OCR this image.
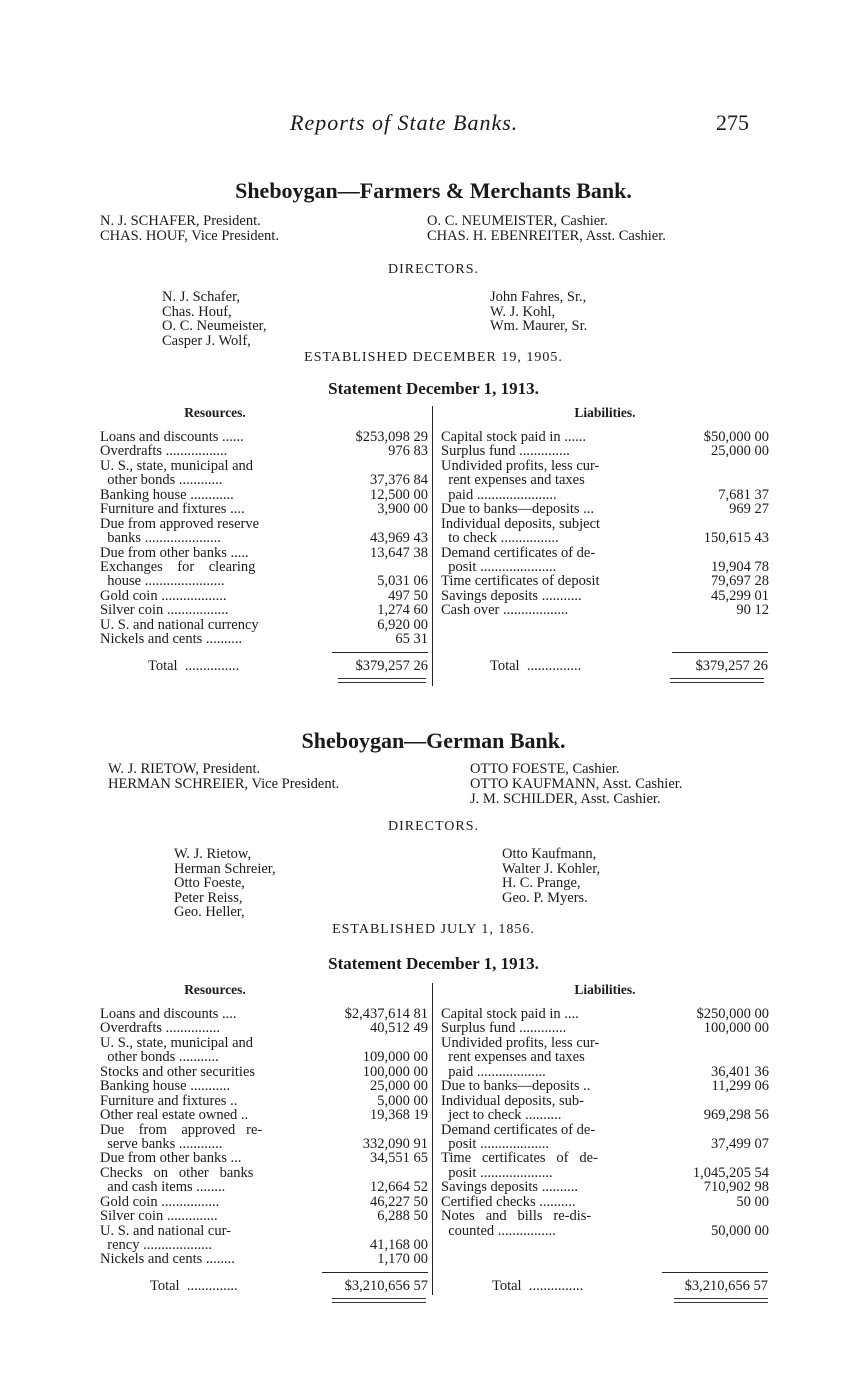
Reports of State Banks.	275
Sheboygan—Farmers & Merchants Bank.
N. J. SCHAFER, President.
CHAS. HOUF, Vice President.
O. C. NEUMEISTER, Cashier.
CHAS. H. EBENREITER, Asst. Cashier.
DIRECTORS.
N. J. Schafer,
Chas. Houf,
O. C. Neumeister,
Casper J. Wolf,
John Fahres, Sr.,
W. J. Kohl,
Wm. Maurer, Sr.
ESTABLISHED DECEMBER 19, 1905.
Statement December 1, 1913.
Resources.	Liabilities.
Loans and discounts ......	$253,098 29
Overdrafts .................	976 83
U. S., state, municipal and
other bonds ............	37,376 84
Banking house ............	12,500 00
Furniture and fixtures ....	3,900 00
Due from approved reserve
banks .....................	43,969 43
Due from other banks .....	13,647 38
Exchanges    for    clearing
house ......................	5,031 06
Gold coin ..................	497 50
Silver coin .................	1,274 60
U. S. and national currency	6,920 00
Nickels and cents ..........	65 31
Capital stock paid in ......	$50,000 00
Surplus fund ..............	25,000 00
Undivided profits, less cur-
rent expenses and taxes
paid ......................	7,681 37
Due to banks—deposits ...	969 27
Individual deposits, subject
to check ................	150,615 43
Demand certificates of de-
posit .....................	19,904 78
Time certificates of deposit	79,697 28
Savings deposits ...........	45,299 01
Cash over ..................	90 12
Total  ...............	$379,257 26	Total  ...............	$379,257 26
Sheboygan—German Bank.
W. J. RIETOW, President.
HERMAN SCHREIER, Vice President.
OTTO FOESTE, Cashier.
OTTO KAUFMANN, Asst. Cashier.
J. M. SCHILDER, Asst. Cashier.
DIRECTORS.
W. J. Rietow,
Herman Schreier,
Otto Foeste,
Peter Reiss,
Geo. Heller,
Otto Kaufmann,
Walter J. Kohler,
H. C. Prange,
Geo. P. Myers.
ESTABLISHED JULY 1, 1856.
Statement December 1, 1913.
Resources.	Liabilities.
Loans and discounts ....	$2,437,614 81
Overdrafts ...............	40,512 49
U. S., state, municipal and
other bonds ...........	109,000 00
Stocks and other securities	100,000 00
Banking house ...........	25,000 00
Furniture and fixtures ..	5,000 00
Other real estate owned ..	19,368 19
Due    from    approved   re-
serve banks ............	332,090 91
Due from other banks ...	34,551 65
Checks   on   other   banks
and cash items ........	12,664 52
Gold coin ................	46,227 50
Silver coin ..............	6,288 50
U. S. and national cur-
rency ...................	41,168 00
Nickels and cents ........	1,170 00
Capital stock paid in ....	$250,000 00
Surplus fund .............	100,000 00
Undivided profits, less cur-
rent expenses and taxes
paid ...................	36,401 36
Due to banks—deposits ..	11,299 06
Individual deposits, sub-
ject to check ..........	969,298 56
Demand certificates of de-
posit ...................	37,499 07
Time   certificates   of   de-
posit ....................	1,045,205 54
Savings deposits ..........	710,902 98
Certified checks ..........	50 00
Notes   and   bills   re-dis-
counted ................	50,000 00
Total  ..............	$3,210,656 57	Total  ...............	$3,210,656 57
